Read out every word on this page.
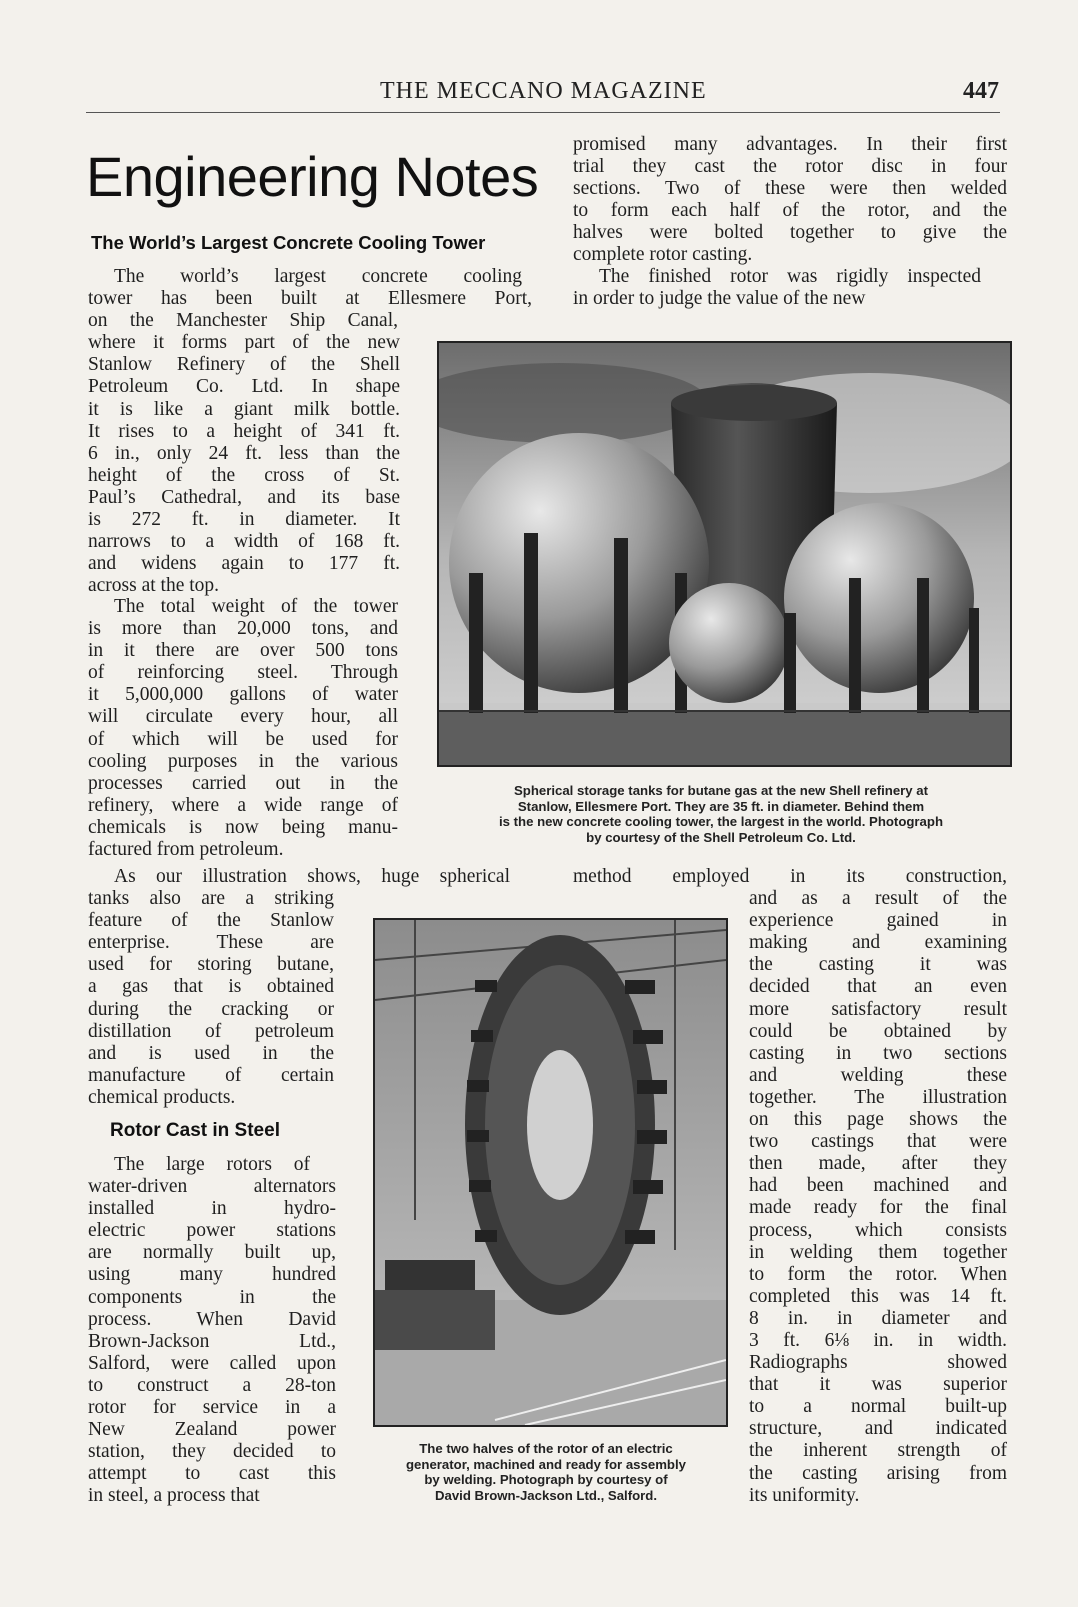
THE MECCANO MAGAZINE	447
Engineering Notes
The World’s Largest Concrete Cooling Tower
The world’s largest concrete cooling
tower has been built at Ellesmere Port,
on the Manchester Ship Canal,
where it forms part of the new
Stanlow Refinery of the Shell
Petroleum Co. Ltd. In shape
it is like a giant milk bottle.
It rises to a height of 341 ft.
6 in., only 24 ft. less than the
height of the cross of St.
Paul’s Cathedral, and its base
is 272 ft. in diameter. It
narrows to a width of 168 ft.
and widens again to 177 ft.
across at the top.
The total weight of the tower
is more than 20,000 tons, and
in it there are over 500 tons
of reinforcing steel. Through
it 5,000,000 gallons of water
will circulate every hour, all
of which will be used for
cooling purposes in the various
processes carried out in the
refinery, where a wide range of
chemicals is now being manu-
factured from petroleum.
As our illustration shows, huge spherical
tanks also are a striking
feature of the Stanlow
enterprise. These are
used for storing butane,
a gas that is obtained
during the cracking or
distillation of petroleum
and is used in the
manufacture of certain
chemical products.
Rotor Cast in Steel
The large rotors of
water-driven alternators
installed in hydro-
electric power stations
are normally built up,
using many hundred
components in the
process. When David
Brown-Jackson Ltd.,
Salford, were called upon
to construct a 28-ton
rotor for service in a
New Zealand power
station, they decided to
attempt to cast this
in steel, a process that
promised many advantages. In their first
trial they cast the rotor disc in four
sections. Two of these were then welded
to form each half of the rotor, and the
halves were bolted together to give the
complete rotor casting.
The finished rotor was rigidly inspected
in order to judge the value of the new
method employed in its construction,
and as a result of the
experience gained in
making and examining
the casting it was
decided that an even
more satisfactory result
could be obtained by
casting in two sections
and welding these
together. The illustration
on this page shows the
two castings that were
then made, after they
had been machined and
made ready for the final
process, which consists
in welding them together
to form the rotor. When
completed this was 14 ft.
8 in. in diameter and
3 ft. 6⅛ in. in width.
Radiographs showed
that it was superior
to a normal built-up
structure, and indicated
the inherent strength of
the casting arising from
its uniformity.
Spherical storage tanks for butane gas at the new Shell refinery at
Stanlow, Ellesmere Port. They are 35 ft. in diameter. Behind them
is the new concrete cooling tower, the largest in the world. Photograph
by courtesy of the Shell Petroleum Co. Ltd.
The two halves of the rotor of an electric
generator, machined and ready for assembly
by welding. Photograph by courtesy of
David Brown-Jackson Ltd., Salford.
